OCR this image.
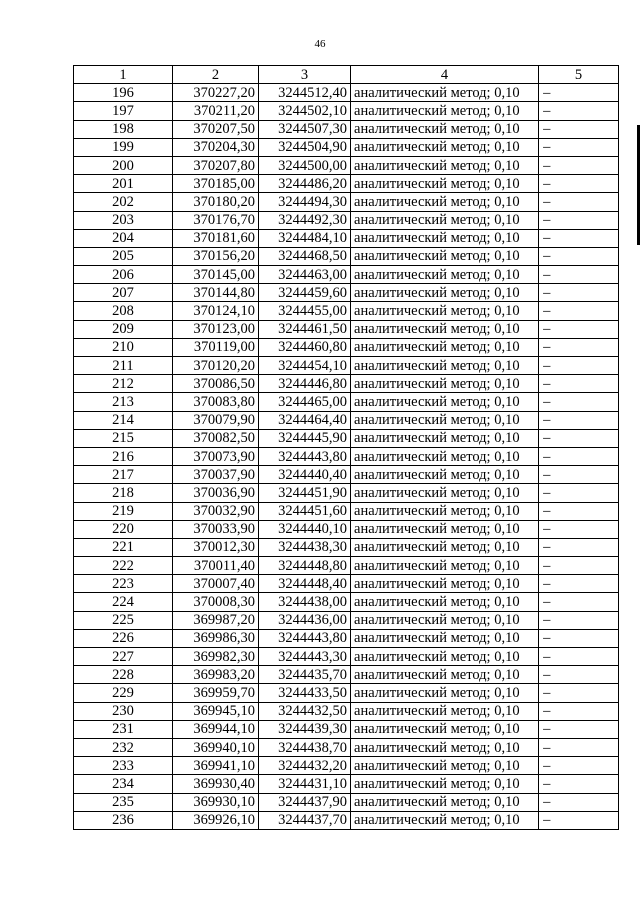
46
1	2	3	4	5
196	370227,20	3244512,40	аналитический метод; 0,10	–
197	370211,20	3244502,10	аналитический метод; 0,10	–
198	370207,50	3244507,30	аналитический метод; 0,10	–
199	370204,30	3244504,90	аналитический метод; 0,10	–
200	370207,80	3244500,00	аналитический метод; 0,10	–
201	370185,00	3244486,20	аналитический метод; 0,10	–
202	370180,20	3244494,30	аналитический метод; 0,10	–
203	370176,70	3244492,30	аналитический метод; 0,10	–
204	370181,60	3244484,10	аналитический метод; 0,10	–
205	370156,20	3244468,50	аналитический метод; 0,10	–
206	370145,00	3244463,00	аналитический метод; 0,10	–
207	370144,80	3244459,60	аналитический метод; 0,10	–
208	370124,10	3244455,00	аналитический метод; 0,10	–
209	370123,00	3244461,50	аналитический метод; 0,10	–
210	370119,00	3244460,80	аналитический метод; 0,10	–
211	370120,20	3244454,10	аналитический метод; 0,10	–
212	370086,50	3244446,80	аналитический метод; 0,10	–
213	370083,80	3244465,00	аналитический метод; 0,10	–
214	370079,90	3244464,40	аналитический метод; 0,10	–
215	370082,50	3244445,90	аналитический метод; 0,10	–
216	370073,90	3244443,80	аналитический метод; 0,10	–
217	370037,90	3244440,40	аналитический метод; 0,10	–
218	370036,90	3244451,90	аналитический метод; 0,10	–
219	370032,90	3244451,60	аналитический метод; 0,10	–
220	370033,90	3244440,10	аналитический метод; 0,10	–
221	370012,30	3244438,30	аналитический метод; 0,10	–
222	370011,40	3244448,80	аналитический метод; 0,10	–
223	370007,40	3244448,40	аналитический метод; 0,10	–
224	370008,30	3244438,00	аналитический метод; 0,10	–
225	369987,20	3244436,00	аналитический метод; 0,10	–
226	369986,30	3244443,80	аналитический метод; 0,10	–
227	369982,30	3244443,30	аналитический метод; 0,10	–
228	369983,20	3244435,70	аналитический метод; 0,10	–
229	369959,70	3244433,50	аналитический метод; 0,10	–
230	369945,10	3244432,50	аналитический метод; 0,10	–
231	369944,10	3244439,30	аналитический метод; 0,10	–
232	369940,10	3244438,70	аналитический метод; 0,10	–
233	369941,10	3244432,20	аналитический метод; 0,10	–
234	369930,40	3244431,10	аналитический метод; 0,10	–
235	369930,10	3244437,90	аналитический метод; 0,10	–
236	369926,10	3244437,70	аналитический метод; 0,10	–
